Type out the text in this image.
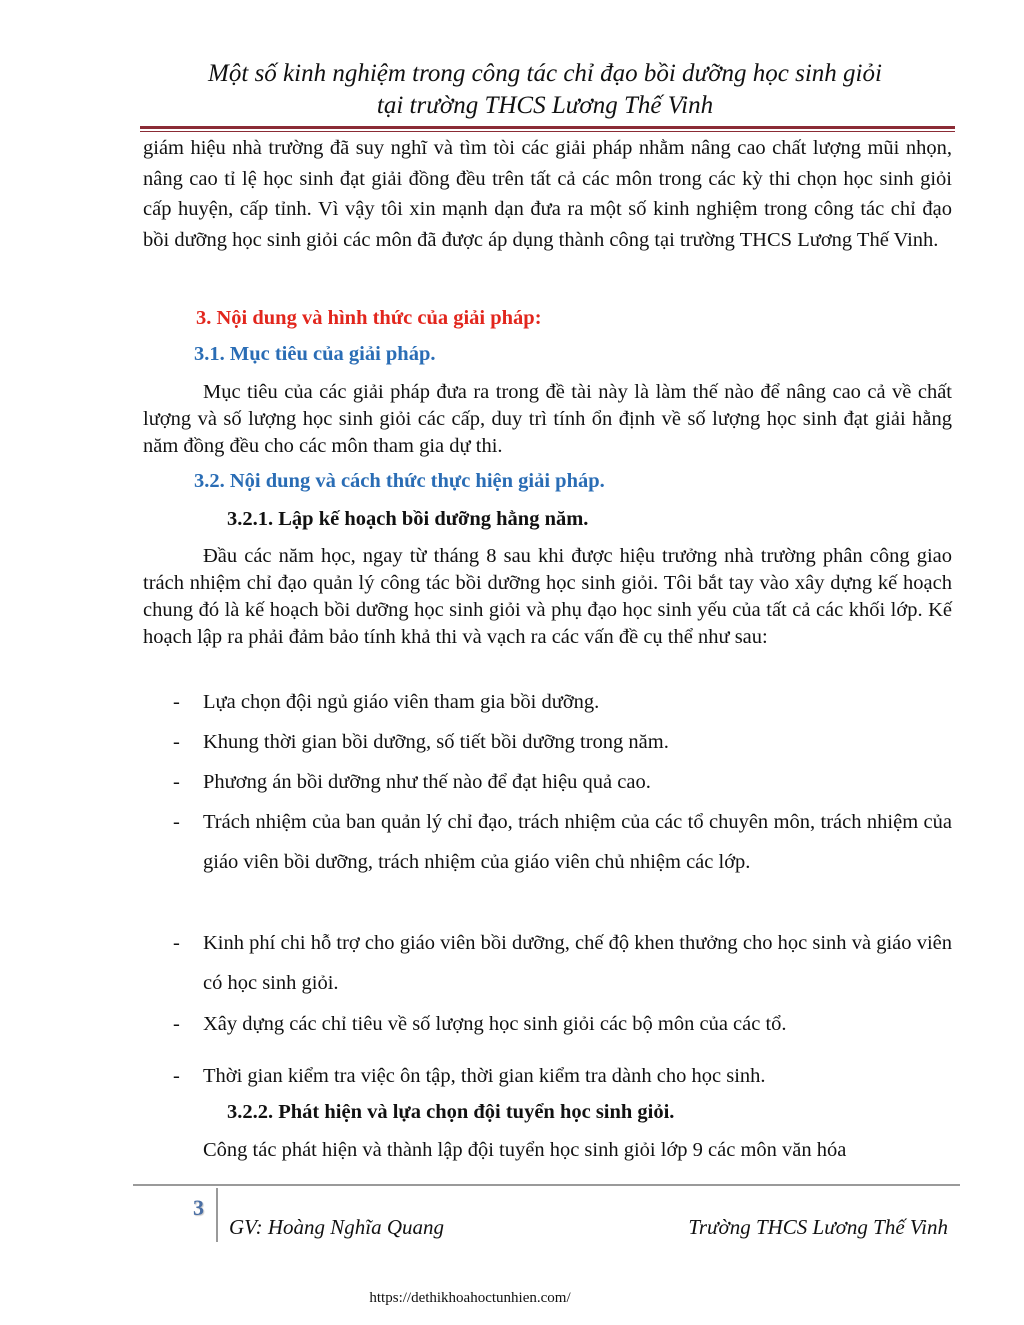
Một số kinh nghiệm trong công tác chỉ đạo bồi dưỡng học sinh giỏi
tại trường THCS Lương Thế Vinh
giám hiệu nhà trường đã suy nghĩ và tìm tòi các giải pháp nhằm nâng cao chất lượng mũi nhọn, nâng cao tỉ lệ học sinh đạt giải đồng đều trên tất cả các môn trong các kỳ thi chọn học sinh giỏi cấp huyện, cấp tỉnh. Vì vậy tôi xin mạnh dạn đưa ra một số kinh nghiệm trong công tác chỉ đạo bồi dưỡng học sinh giỏi các môn đã được áp dụng thành công tại trường THCS Lương Thế Vinh.
3. Nội dung và hình thức của giải pháp:
3.1. Mục tiêu của giải pháp.
Mục tiêu của các giải pháp đưa ra trong đề tài này là làm thế nào để nâng cao cả về chất lượng và số lượng học sinh giỏi các cấp, duy trì tính ổn định về số lượng học sinh đạt giải hằng năm đồng đều cho các môn tham gia dự thi.
3.2. Nội dung và cách thức thực hiện giải pháp.
3.2.1. Lập kế hoạch bồi dưỡng hằng năm.
Đầu các năm học, ngay từ tháng 8 sau khi được hiệu trưởng nhà trường phân công giao trách nhiệm chỉ đạo quản lý công tác bồi dưỡng học sinh giỏi. Tôi bắt tay vào xây dựng kế hoạch chung đó là kế hoạch bồi dưỡng học sinh giỏi và phụ đạo học sinh yếu của tất cả các khối lớp. Kế hoạch lập ra phải đảm bảo tính khả thi và vạch ra các vấn đề cụ thể như sau:
- Lựa chọn đội ngủ giáo viên tham gia bồi dưỡng.
- Khung thời gian bồi dưỡng, số tiết bồi dưỡng trong năm.
- Phương án bồi dưỡng như thế nào để đạt hiệu quả cao.
- Trách nhiệm của ban quản lý chỉ đạo, trách nhiệm của các tổ chuyên môn, trách nhiệm của giáo viên bồi dưỡng, trách nhiệm của giáo viên chủ nhiệm các lớp.
- Kinh phí chi hỗ trợ cho giáo viên bồi dưỡng, chế độ khen thưởng cho học sinh và giáo viên có học sinh giỏi.
- Xây dựng các chỉ tiêu về số lượng học sinh giỏi các bộ môn của các tổ.
- Thời gian kiểm tra việc ôn tập, thời gian kiểm tra dành cho học sinh.
3.2.2. Phát hiện và lựa chọn đội tuyển học sinh giỏi.
Công tác phát hiện và thành lập đội tuyển học sinh giỏi lớp 9 các môn văn hóa
3
GV: Hoàng Nghĩa Quang	Trường THCS Lương Thế Vinh
https://dethikhoahoctunhien.com/
